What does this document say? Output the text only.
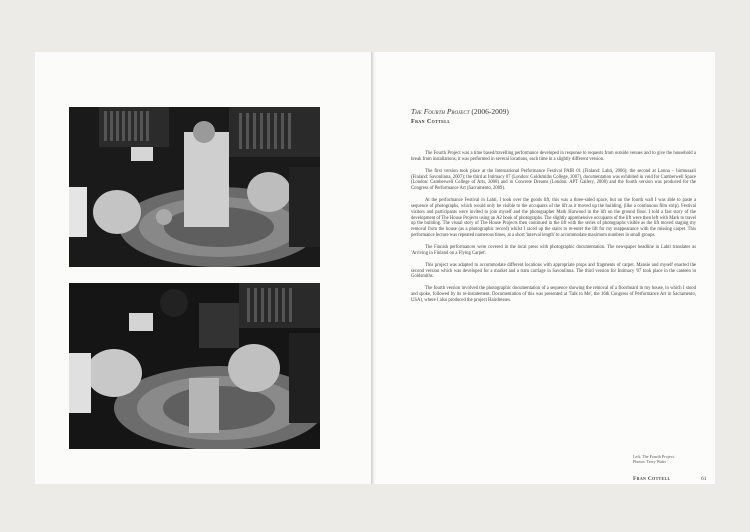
The Fourth Project (2006-2009)
Fran Cottell

The Fourth Project was a time based/travelling performance developed in response to requests from outside venues and to give the household a break from installations; it was performed in several locations, each time in a slightly different version.

The first version took place at the International Performance Festival PAIR 01 (Finland: Lahti, 2006); the second at Lonna – hirmusaali (Finland: Savonlinna, 2007); the third at Intimacy 07 (London: Goldsmiths College, 2007), documentation was exhibited in void for Camberwell Space (London: Camberwell College of Arts, 2008) and in Concrete Dreams (London: APT Gallery, 2008) and the fourth version was produced for the Congress of Performance Art (Sacramento, 2009).

At the performance Festival in Lahti, I took over the goods lift, this was a three-sided space, but on the fourth wall I was able to paste a sequence of photographs, which would only be visible to the occupants of the lift as it moved up the building, (like a continuous film strip). Festival visitors and participants were invited to join myself and the photographer Mark Harwood in the lift on the ground floor. I told a fast story of the development of The House Projects using an A2 book of photographs. The slightly apprehensive occupants of the lift were then left with Mark to travel up the building. The visual story of The House Projects then continued in the lift with the series of photographs visible as the lift moved staging my removal from the house (as a photographic record) whilst I raced up the stairs to re-enter the lift for my reappearance with the missing carpet. This performance lecture was repeated numerous times, at a short 'interval length' to accommodate maximum numbers in small groups.

The Finnish performances were covered in the local press with photographic documentation. The newspaper headline in Lahti translates as 'Arriving in Finland on a Flying Carpet'.

This project was adapted to accommodate different locations with appropriate props and fragments of carpet. Mansie and myself enacted the second version which was developed for a market and a tram carriage in Savonlinna. The third version for Intimacy '07 took place in the canteen in Goldsmiths.

The fourth version involved the photographic documentation of a sequence showing the removal of a floorboard in my house, in which I stood and spoke, followed by its re-instatement. Documentation of this was presented at 'Talk to Me', the 16th Congress of Performance Art in Sacramento, USA), where I also produced the project Hairdresses.

Left: The Fourth Project.
Photos: Terry Watts
Fran Cottell	61
